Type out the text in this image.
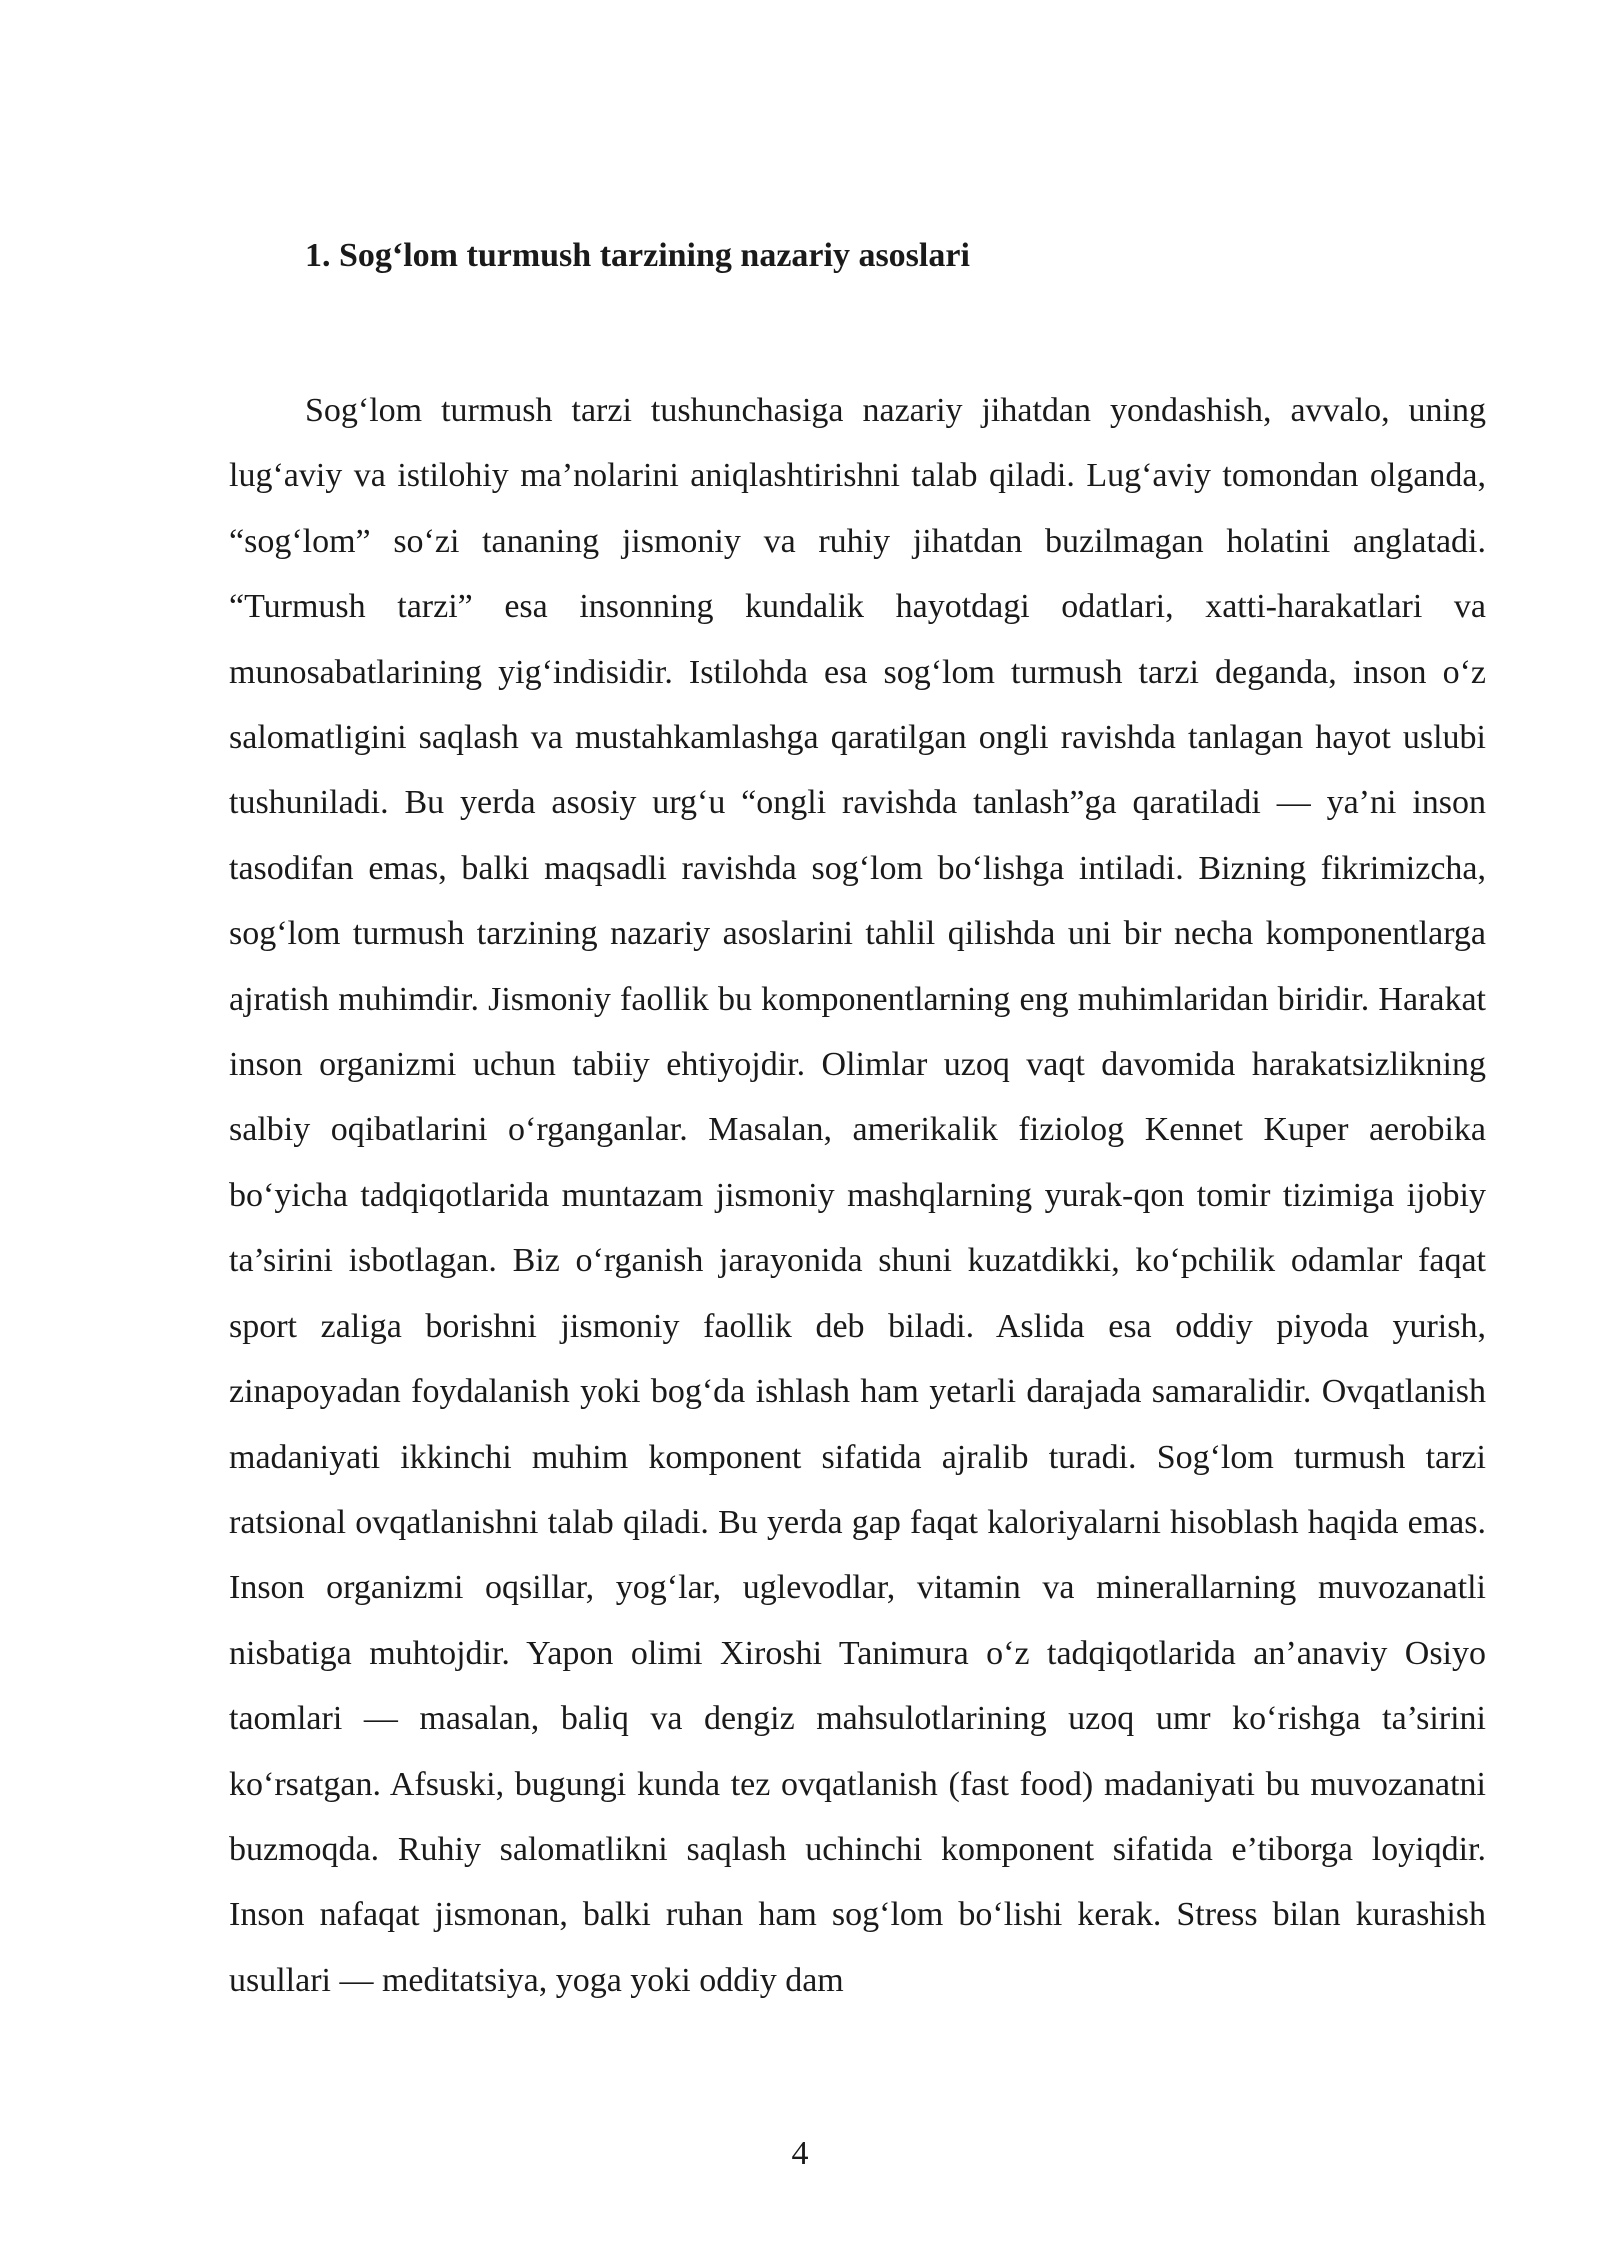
1. Sog‘lom turmush tarzining nazariy asoslari

Sog‘lom turmush tarzi tushunchasiga nazariy jihatdan yondashish, avvalo, uning lug‘aviy va istilohiy ma’nolarini aniqlashtirishni talab qiladi. Lug‘aviy tomondan olganda, “sog‘lom” so‘zi tananing jismoniy va ruhiy jihatdan buzilmagan holatini anglatadi. “Turmush tarzi” esa insonning kundalik hayotdagi odatlari, xatti-harakatlari va munosabatlarining yig‘indisidir. Istilohda esa sog‘lom turmush tarzi deganda, inson o‘z salomatligini saqlash va mustahkamlashga qaratilgan ongli ravishda tanlagan hayot uslubi tushuniladi. Bu yerda asosiy urg‘u “ongli ravishda tanlash”ga qaratiladi — ya’ni inson tasodifan emas, balki maqsadli ravishda sog‘lom bo‘lishga intiladi. Bizning fikrimizcha, sog‘lom turmush tarzining nazariy asoslarini tahlil qilishda uni bir necha komponentlarga ajratish muhimdir. Jismoniy faollik bu komponentlarning eng muhimlaridan biridir. Harakat inson organizmi uchun tabiiy ehtiyojdir. Olimlar uzoq vaqt davomida harakatsizlikning salbiy oqibatlarini o‘rganganlar. Masalan, amerikalik fiziolog Kennet Kuper aerobika bo‘yicha tadqiqotlarida muntazam jismoniy mashqlarning yurak-qon tomir tizimiga ijobiy ta’sirini isbotlagan. Biz o‘rganish jarayonida shuni kuzatdikki, ko‘pchilik odamlar faqat sport zaliga borishni jismoniy faollik deb biladi. Aslida esa oddiy piyoda yurish, zinapoyadan foydalanish yoki bog‘da ishlash ham yetarli darajada samaralidir. Ovqatlanish madaniyati ikkinchi muhim komponent sifatida ajralib turadi. Sog‘lom turmush tarzi ratsional ovqatlanishni talab qiladi. Bu yerda gap faqat kaloriyalarni hisoblash haqida emas. Inson organizmi oqsillar, yog‘lar, uglevodlar, vitamin va minerallarning muvozanatli nisbatiga muhtojdir. Yapon olimi Xiroshi Tanimura o‘z tadqiqotlarida an’anaviy Osiyo taomlari — masalan, baliq va dengiz mahsulotlarining uzoq umr ko‘rishga ta’sirini ko‘rsatgan. Afsuski, bugungi kunda tez ovqatlanish (fast food) madaniyati bu muvozanatni buzmoqda. Ruhiy salomatlikni saqlash uchinchi komponent sifatida e’tiborga loyiqdir. Inson nafaqat jismonan, balki ruhan ham sog‘lom bo‘lishi kerak. Stress bilan kurashish usullari — meditatsiya, yoga yoki oddiy dam

4
